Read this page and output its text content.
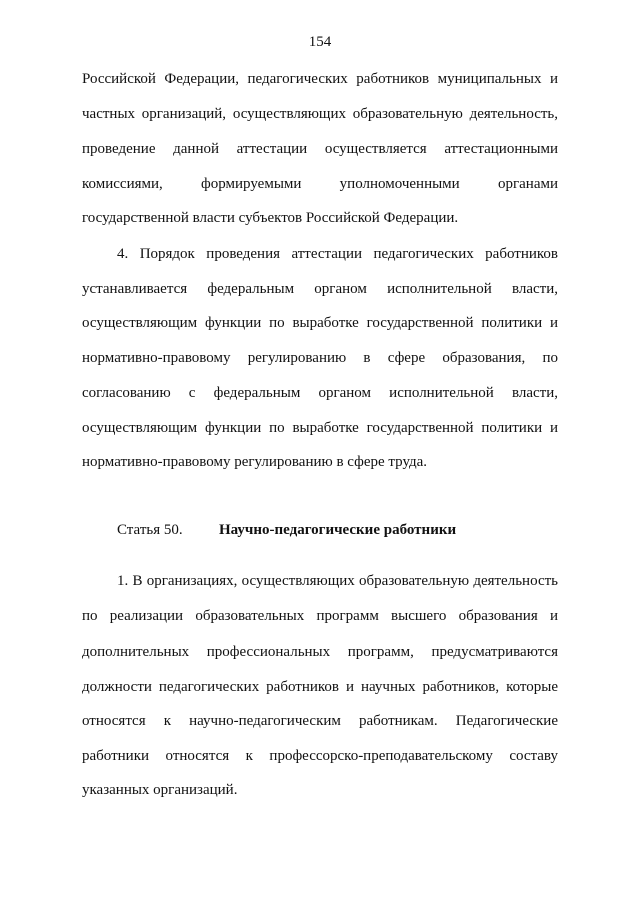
154
Российской Федерации, педагогических работников муниципальных и
частных организаций, осуществляющих образовательную деятельность,
проведение данной аттестации осуществляется аттестационными
комиссиями, формируемыми уполномоченными органами
государственной власти субъектов Российской Федерации.
4. Порядок проведения аттестации педагогических работников
устанавливается федеральным органом исполнительной власти,
осуществляющим функции по выработке государственной политики и
нормативно-правовому регулированию в сфере образования, по
согласованию с федеральным органом исполнительной власти,
осуществляющим функции по выработке государственной политики и
нормативно-правовому регулированию в сфере труда.
Статья 50. Научно-педагогические работники
1. В организациях, осуществляющих образовательную деятельность
по реализации образовательных программ высшего образования и
дополнительных профессиональных программ, предусматриваются
должности педагогических работников и научных работников, которые
относятся к научно-педагогическим работникам. Педагогические
работники относятся к профессорско-преподавательскому составу
указанных организаций.
